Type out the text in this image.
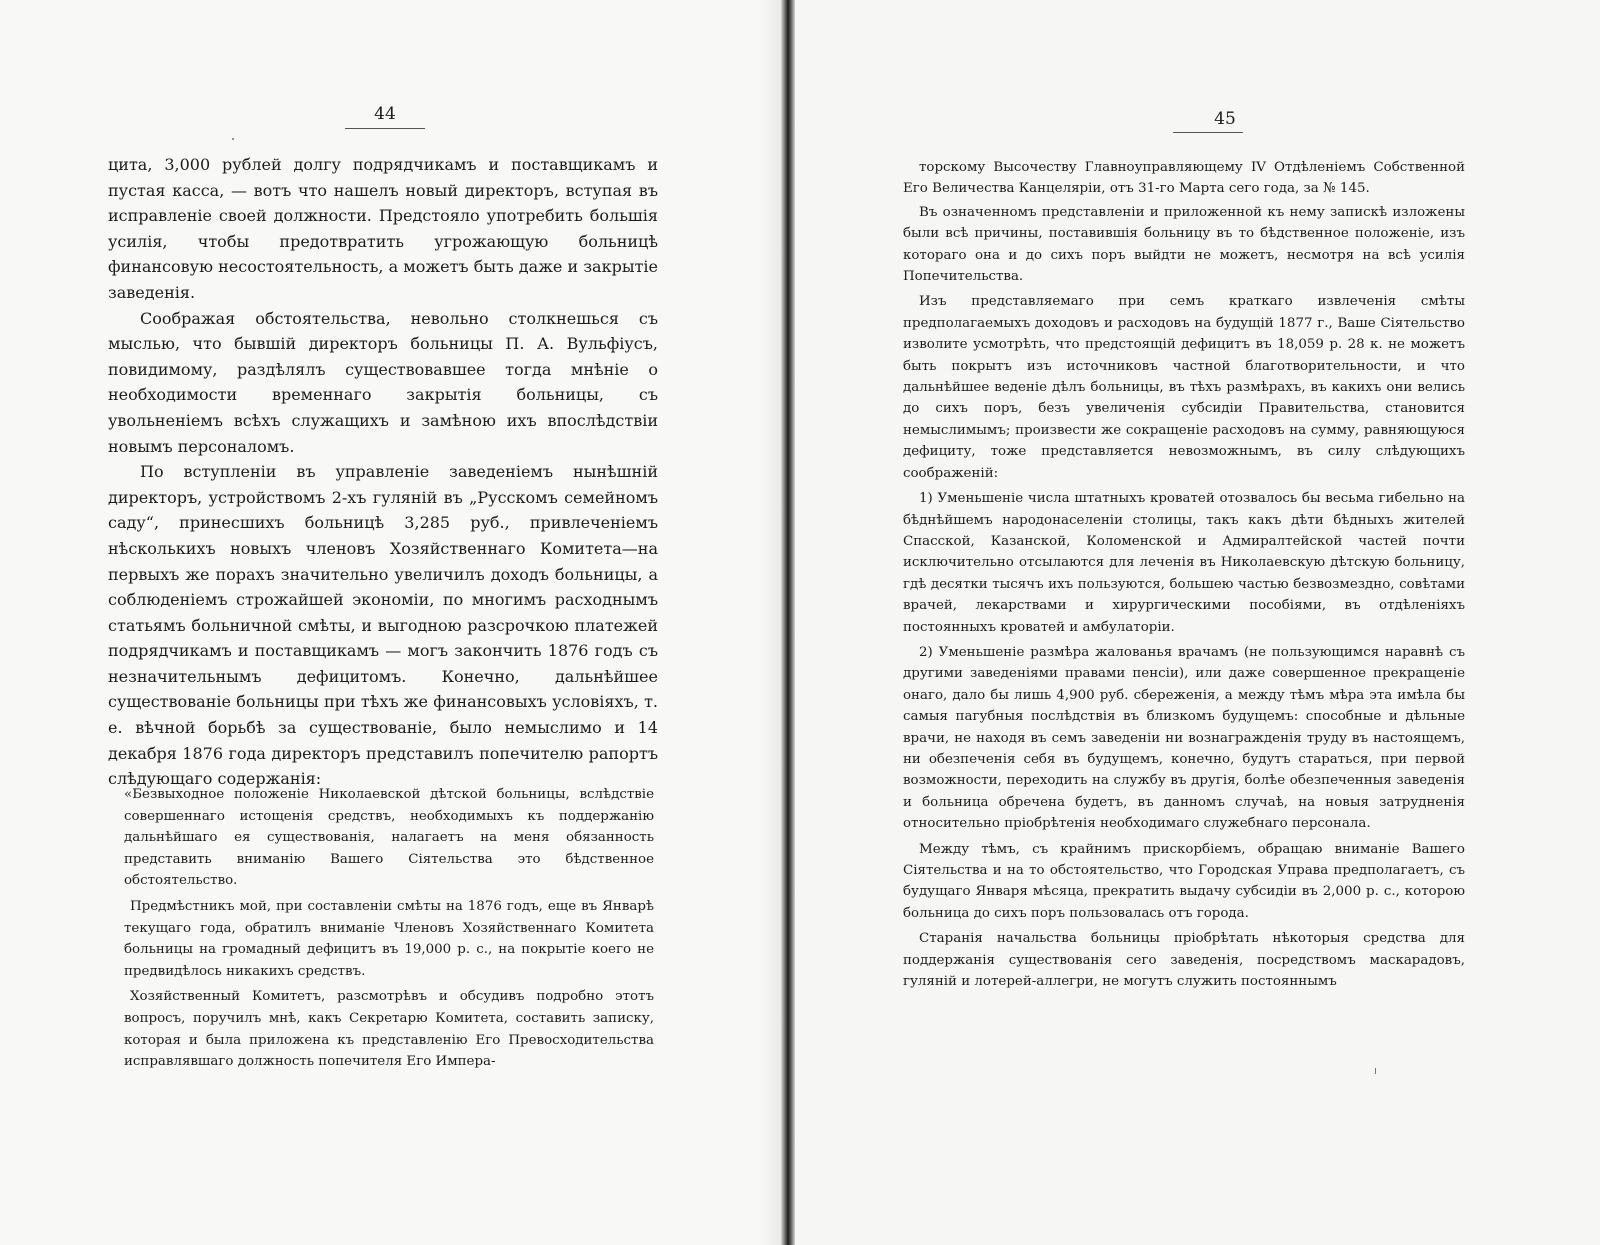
44

цита, 3,000 рублей долгу подрядчикамъ и поставщикамъ и пустая касса, — вотъ что нашелъ новый директоръ, вступая въ исправленіе своей должности. Предстояло употребить большія усилія, чтобы предотвратить угрожающую больницѣ финансовую несостоятельность, а можетъ быть даже и закрытіе заведенія.

Соображая обстоятельства, невольно столкнешься съ мыслью, что бывшій директоръ больницы П. А. Вульфіусъ, повидимому, раздѣлялъ существовавшее тогда мнѣніе о необходимости временнаго закрытія больницы, съ увольненіемъ всѣхъ служащихъ и замѣною ихъ впослѣдствіи новымъ персоналомъ.

По вступленіи въ управленіе заведеніемъ нынѣшній директоръ, устройствомъ 2-хъ гуляній въ „Русскомъ семейномъ саду“, принесшихъ больницѣ 3,285 руб., привлеченіемъ нѣсколькихъ новыхъ членовъ Хозяйственнаго Комитета—на первыхъ же порахъ значительно увеличилъ доходъ больницы, а соблюденіемъ строжайшей экономіи, по многимъ расходнымъ статьямъ больничной смѣты, и выгодною разсрочкою платежей подрядчикамъ и поставщикамъ — могъ закончить 1876 годъ съ незначительнымъ дефицитомъ. Конечно, дальнѣйшее существованіе больницы при тѣхъ же финансовыхъ условіяхъ, т. е. вѣчной борьбѣ за существованіе, было немыслимо и 14 декабря 1876 года директоръ представилъ попечителю рапортъ слѣдующаго содержанія:

«Безвыходное положеніе Николаевской дѣтской больницы, вслѣдствіе совершеннаго истощенія средствъ, необходимыхъ къ поддержанію дальнѣйшаго ея существованія, налагаетъ на меня обязанность представить вниманію Вашего Сіятельства это бѣдственное обстоятельство.

Предмѣстникъ мой, при составленіи смѣты на 1876 годъ, еще въ Январѣ текущаго года, обратилъ вниманіе Членовъ Хозяйственнаго Комитета больницы на громадный дефицитъ въ 19,000 р. с., на покрытіе коего не предвидѣлось никакихъ средствъ.

Хозяйственный Комитетъ, разсмотрѣвъ и обсудивъ подробно этотъ вопросъ, поручилъ мнѣ, какъ Секретарю Комитета, составить записку, которая и была приложена къ представленію Его Превосходительства исправлявшаго должность попечителя Его Импера-

45

торскому Высочеству Главноуправляющему IV Отдѣленіемъ Собственной Его Величества Канцеляріи, отъ 31-го Марта сего года, за № 145.

Въ означенномъ представленіи и приложенной къ нему запискѣ изложены были всѣ причины, поставившія больницу въ то бѣдственное положеніе, изъ котораго она и до сихъ поръ выйдти не можетъ, несмотря на всѣ усилія Попечительства.

Изъ представляемаго при семъ краткаго извлеченія смѣты предполагаемыхъ доходовъ и расходовъ на будущій 1877 г., Ваше Сіятельство изволите усмотрѣть, что предстоящій дефицитъ въ 18,059 р. 28 к. не можетъ быть покрытъ изъ источниковъ частной благотворительности, и что дальнѣйшее веденіе дѣлъ больницы, въ тѣхъ размѣрахъ, въ какихъ они велись до сихъ поръ, безъ увеличенія субсидіи Правительства, становится немыслимымъ; произвести же сокращеніе расходовъ на сумму, равняющуюся дефициту, тоже представляется невозможнымъ, въ силу слѣдующихъ соображеній:

1) Уменьшеніе числа штатныхъ кроватей отозвалось бы весьма гибельно на бѣднѣйшемъ народонаселеніи столицы, такъ какъ дѣти бѣдныхъ жителей Спасской, Казанской, Коломенской и Адмиралтейской частей почти исключительно отсылаются для леченія въ Николаевскую дѣтскую больницу, гдѣ десятки тысячъ ихъ пользуются, большею частью безвозмездно, совѣтами врачей, лекарствами и хирургическими пособіями, въ отдѣленіяхъ постоянныхъ кроватей и амбулаторіи.

2) Уменьшеніе размѣра жалованья врачамъ (не пользующимся наравнѣ съ другими заведеніями правами пенсіи), или даже совершенное прекращеніе онаго, дало бы лишь 4,900 руб. сбереженія, а между тѣмъ мѣра эта имѣла бы самыя пагубныя послѣдствія въ близкомъ будущемъ: способные и дѣльные врачи, не находя въ семъ заведеніи ни вознагражденія труду въ настоящемъ, ни обезпеченія себя въ будущемъ, конечно, будутъ стараться, при первой возможности, переходить на службу въ другія, болѣе обезпеченныя заведенія и больница обречена будетъ, въ данномъ случаѣ, на новыя затрудненія относительно пріобрѣтенія необходимаго служебнаго персонала.

Между тѣмъ, съ крайнимъ прискорбіемъ, обращаю вниманіе Вашего Сіятельства и на то обстоятельство, что Городская Управа предполагаетъ, съ будущаго Января мѣсяца, прекратить выдачу субсидіи въ 2,000 р. с., которою больница до сихъ поръ пользовалась отъ города.

Старанія начальства больницы пріобрѣтать нѣкоторыя средства для поддержанія существованія сего заведенія, посредствомъ маскарадовъ, гуляній и лотерей-аллегри, не могутъ служить постояннымъ
